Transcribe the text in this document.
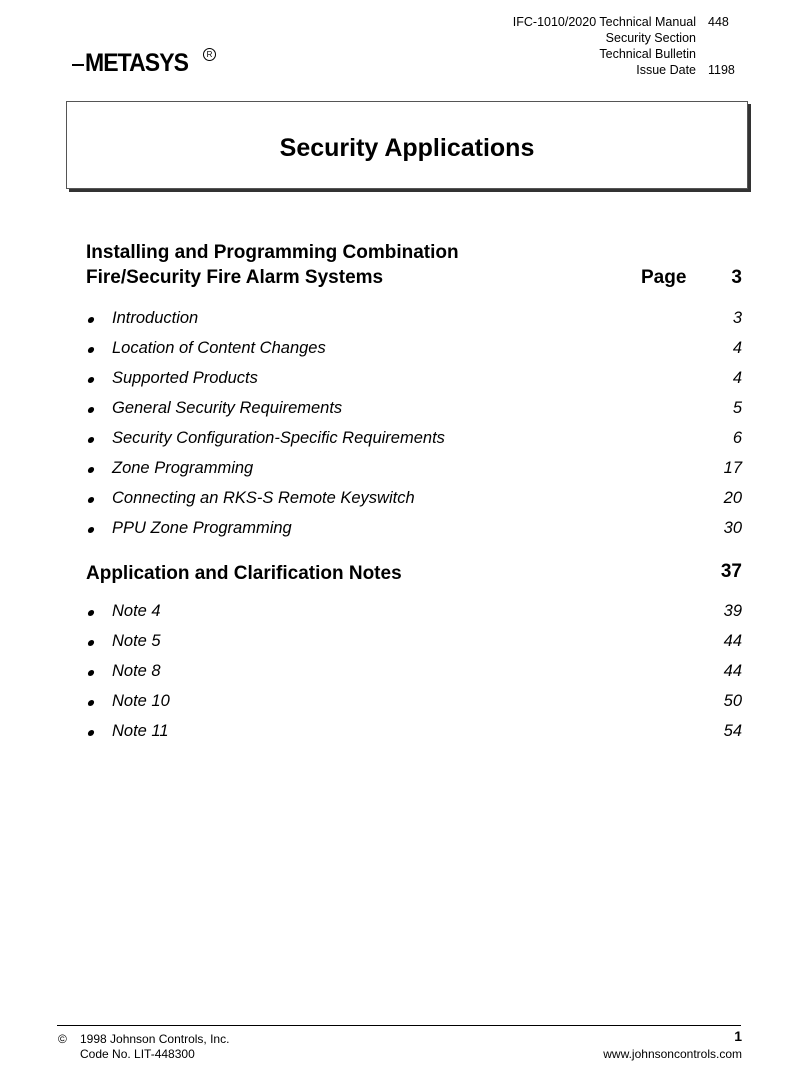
METASYS	R
IFC-1010/2020 Technical Manual
Security Section
Technical Bulletin
Issue Date
448
1198
Security Applications
Installing and Programming Combination
Fire/Security Fire Alarm Systems	Page 3
Introduction	3
Location of Content Changes	4
Supported Products	4
General Security Requirements	5
Security Configuration-Specific Requirements	6
Zone Programming	17
Connecting an RKS-S Remote Keyswitch	20
PPU Zone Programming	30
Application and Clarification Notes	37
Note 4	39
Note 5	44
Note 8	44
Note 10	50
Note 11	54
© 1998 Johnson Controls, Inc.
Code No. LIT-448300
1
www.johnsoncontrols.com
